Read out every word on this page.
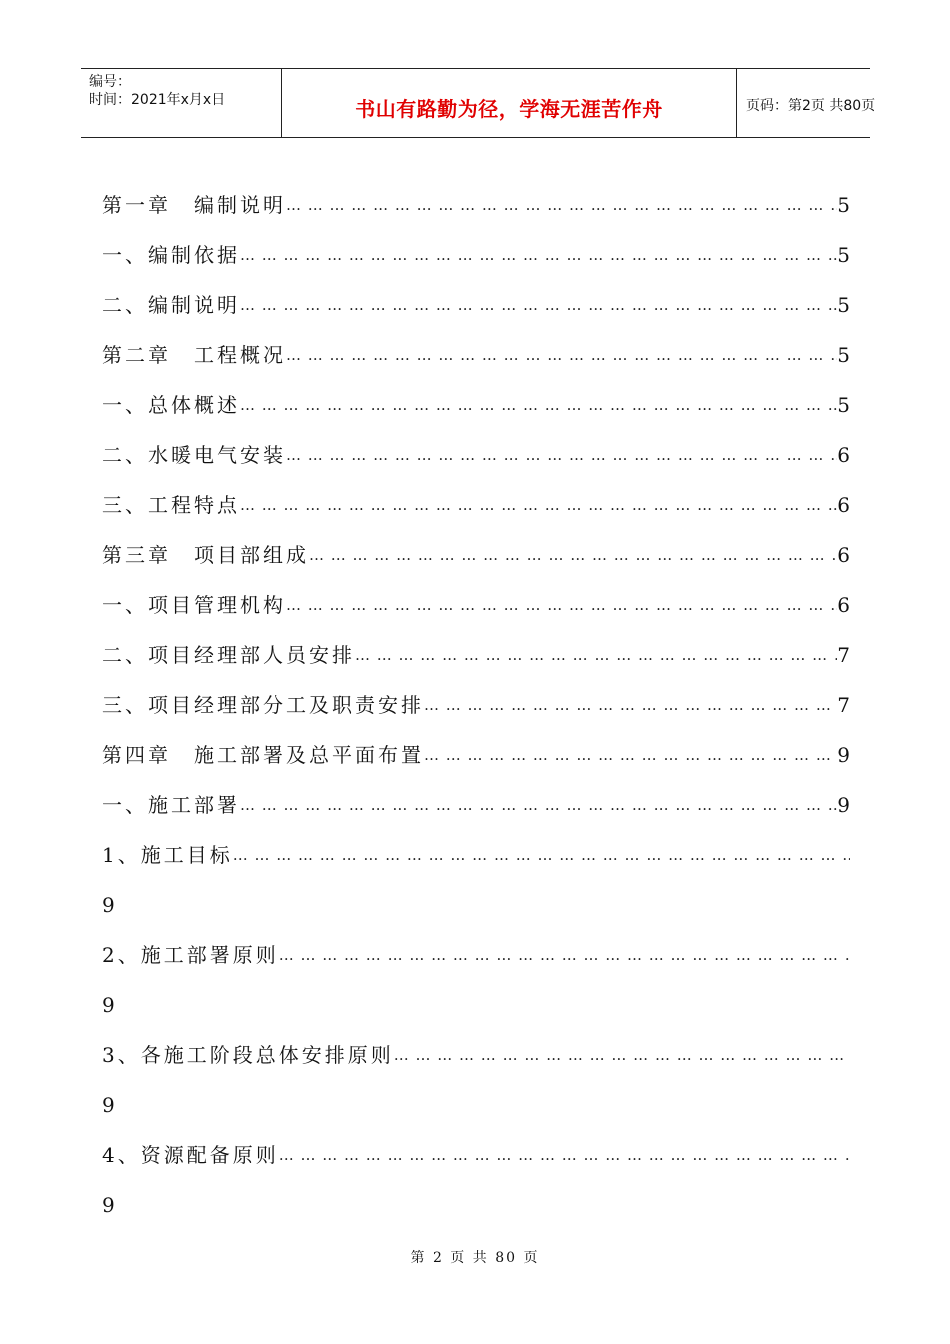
编号：
时间：2021年x月x日	书山有路勤为径，学海无涯苦作舟	页码：第2页 共80页
第一章　编制说明 … … … … … … … … … … … … … … … … … … … … … … … … … … … … … … … … … … … … … … … … … … … … … … … … … … … …	5
一、编制依据 … … … … … … … … … … … … … … … … … … … … … … … … … … … … … … … … … … … … … … … … … … … … … … … … … … … …	5
二、编制说明 … … … … … … … … … … … … … … … … … … … … … … … … … … … … … … … … … … … … … … … … … … … … … … … … … … … …	5
第二章　工程概况 … … … … … … … … … … … … … … … … … … … … … … … … … … … … … … … … … … … … … … … … … … … … … … … … … … … …	5
一、总体概述 … … … … … … … … … … … … … … … … … … … … … … … … … … … … … … … … … … … … … … … … … … … … … … … … … … … …	5
二、水暖电气安装 … … … … … … … … … … … … … … … … … … … … … … … … … … … … … … … … … … … … … … … … … … … … … … … … … … … …	6
三、工程特点 … … … … … … … … … … … … … … … … … … … … … … … … … … … … … … … … … … … … … … … … … … … … … … … … … … … …	6
第三章　项目部组成 … … … … … … … … … … … … … … … … … … … … … … … … … … … … … … … … … … … … … … … … … … … … … … … … … … … …	6
一、项目管理机构 … … … … … … … … … … … … … … … … … … … … … … … … … … … … … … … … … … … … … … … … … … … … … … … … … … … …	6
二、项目经理部人员安排 … … … … … … … … … … … … … … … … … … … … … … … … … … … … … … … … … … … … … … … … … … … … … … … … … … … …	7
三、项目经理部分工及职责安排 … … … … … … … … … … … … … … … … … … … … … … … … … … … … … … … … … … … … … … … … … … … … … … … … … … … …	7
第四章　施工部署及总平面布置 … … … … … … … … … … … … … … … … … … … … … … … … … … … … … … … … … … … … … … … … … … … … … … … … … … … …	9
一、施工部署 … … … … … … … … … … … … … … … … … … … … … … … … … … … … … … … … … … … … … … … … … … … … … … … … … … … …	9
1、施工目标
… … … … … … … … … … … … … … … … … … … … … … … … … … … … … … … … … … … … … … … … … … … … … … … … … … … …
9
2、施工部署原则
… … … … … … … … … … … … … … … … … … … … … … … … … … … … … … … … … … … … … … … … … … … … … … … … … … … …
9
3、各施工阶段总体安排原则
… … … … … … … … … … … … … … … … … … … … … … … … … … … … … … … … … … … … … … … … … … … … … … … … … … … …
9
4、资源配备原则
… … … … … … … … … … … … … … … … … … … … … … … … … … … … … … … … … … … … … … … … … … … … … … … … … … … …
9
第 2 页 共 80 页
